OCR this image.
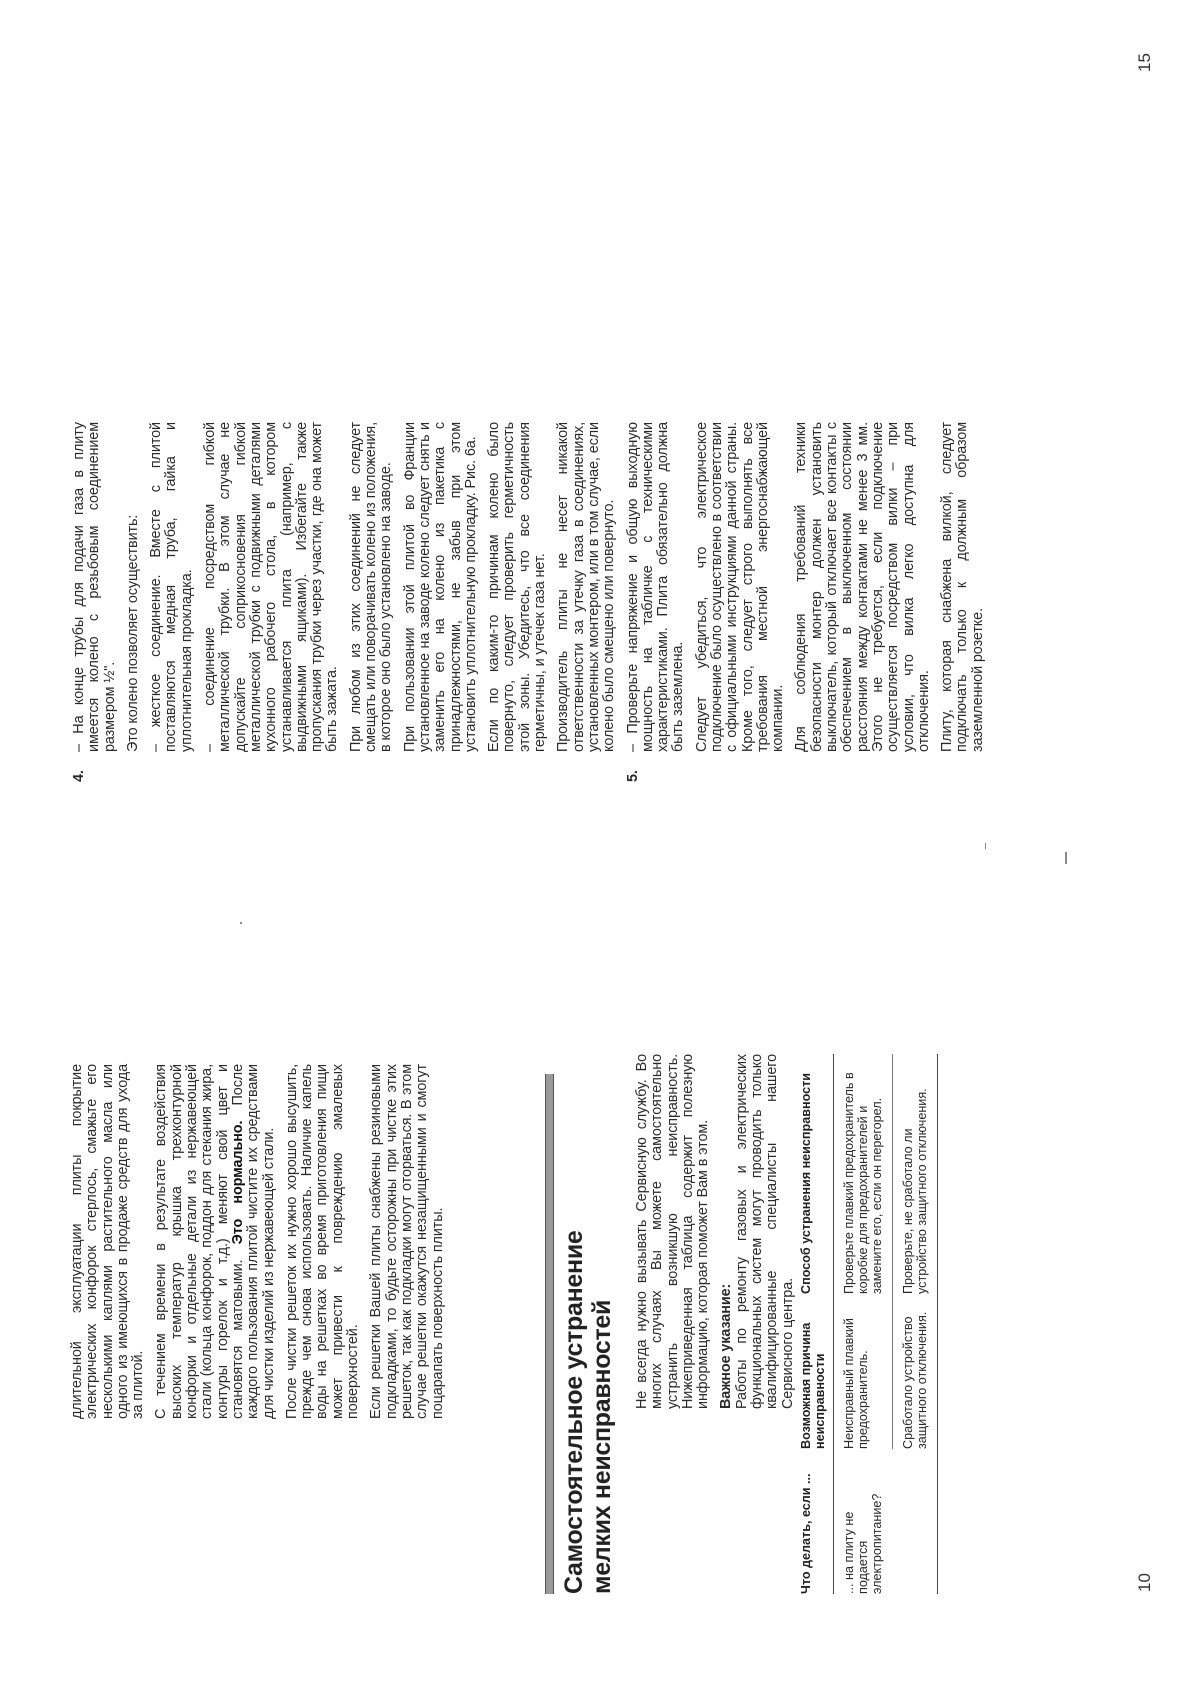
длительной эксплуатации плиты покрытие электрических конфорок стерлось, смажьте его несколькими каплями растительного масла или одного из имеющихся в продаже средств для ухода за плитой. С течением времени в результате воздействия высоких температур крышка трехконтурной конфорки и отдельные детали из нержавеющей стали (кольца конфорок, поддон для стекания жира, контуры горелок и т.д.) меняют свой цвет и становятся матовыми. Это нормально. После каждого пользования плитой чистите их средствами для чистки изделий из нержавеющей стали. После чистки решеток их нужно хорошо высушить, прежде чем снова использовать. Наличие капель воды на решетках во время приготовления пищи может привести к повреждению эмалевых поверхностей. Если решетки Вашей плиты снабжены резиновыми подкладками, то будьте осторожны при чистке этих решеток, так как подкладки могут оторваться. В этом случае решетки окажутся незащищенными и смогут поцарапать поверхность плиты.	Самостоятельное устранение мелких неисправностей

Не всегда нужно вызывать Сервисную службу. Во многих случаях Вы можете самостоятельно устранить возникшую неисправность. Нижеприведенная таблица содержит полезную информацию, которая поможет Вам в этом. Важное указание: Работы по ремонту газовых и электрических функциональных систем могут проводить только квалифицированные специалисты нашего Сервисного центра.

Что делать, если ...	Возможная причина неисправности	Способ устранения неисправности
... на плиту не подается электропитание?	Неисправный плавкий предохранитель.	Проверьте плавкий предохранитель в коробке для предохранителей и замените его, если он перегорел.
	Сработало устройство защитного отключения.	Проверьте, не сработало ли устройство защитного отключения.

10
4.

– На конце трубы для подачи газа в плиту имеется колено с резьбовым соединением размером ½". Это колено позволяет осуществить: – жесткое соединение. Вместе с плитой поставляются медная труба, гайка и уплотнительная прокладка. – соединение посредством гибкой металлической трубки. В этом случае не допускайте соприкосновения гибкой металлической трубки с подвижными деталями кухонного рабочего стола, в котором устанавливается плита (например, с выдвижными ящиками). Избегайте также пропускания трубки через участки, где она может быть зажата. При любом из этих соединений не следует смещать или поворачивать колено из положения, в которое оно было установлено на заводе. При пользовании этой плитой во Франции установленное на заводе колено следует снять и заменить его на колено из пакетика с принадлежностями, не забыв при этом установить уплотнительную прокладку. Рис. 6а. Если по каким-то причинам колено было повернуто, следует проверить герметичность этой зоны. Убедитесь, что все соединения герметичны, и утечек газа нет. Производитель плиты не несет никакой ответственности за утечку газа в соединениях, установленных монтером, или в том случае, если колено было смещено или повернуто.

5.

– Проверьте напряжение и общую выходную мощность на табличке с техническими характеристиками. Плита обязательно должна быть заземлена. Следует убедиться, что электрическое подключение было осуществлено в соответствии с официальными инструкциями данной страны. Кроме того, следует строго выполнять все требования местной энергоснабжающей компании. Для соблюдения требований техники безопасности монтер должен установить выключатель, который отключает все контакты с обеспечением в выключенном состоянии расстояния между контактами не менее 3 мм. Этого не требуется, если подключение осуществляется посредством вилки – при условии, что вилка легко доступна для отключения. Плиту, которая снабжена вилкой, следует подключать только к должным образом заземленной розетке.

15
